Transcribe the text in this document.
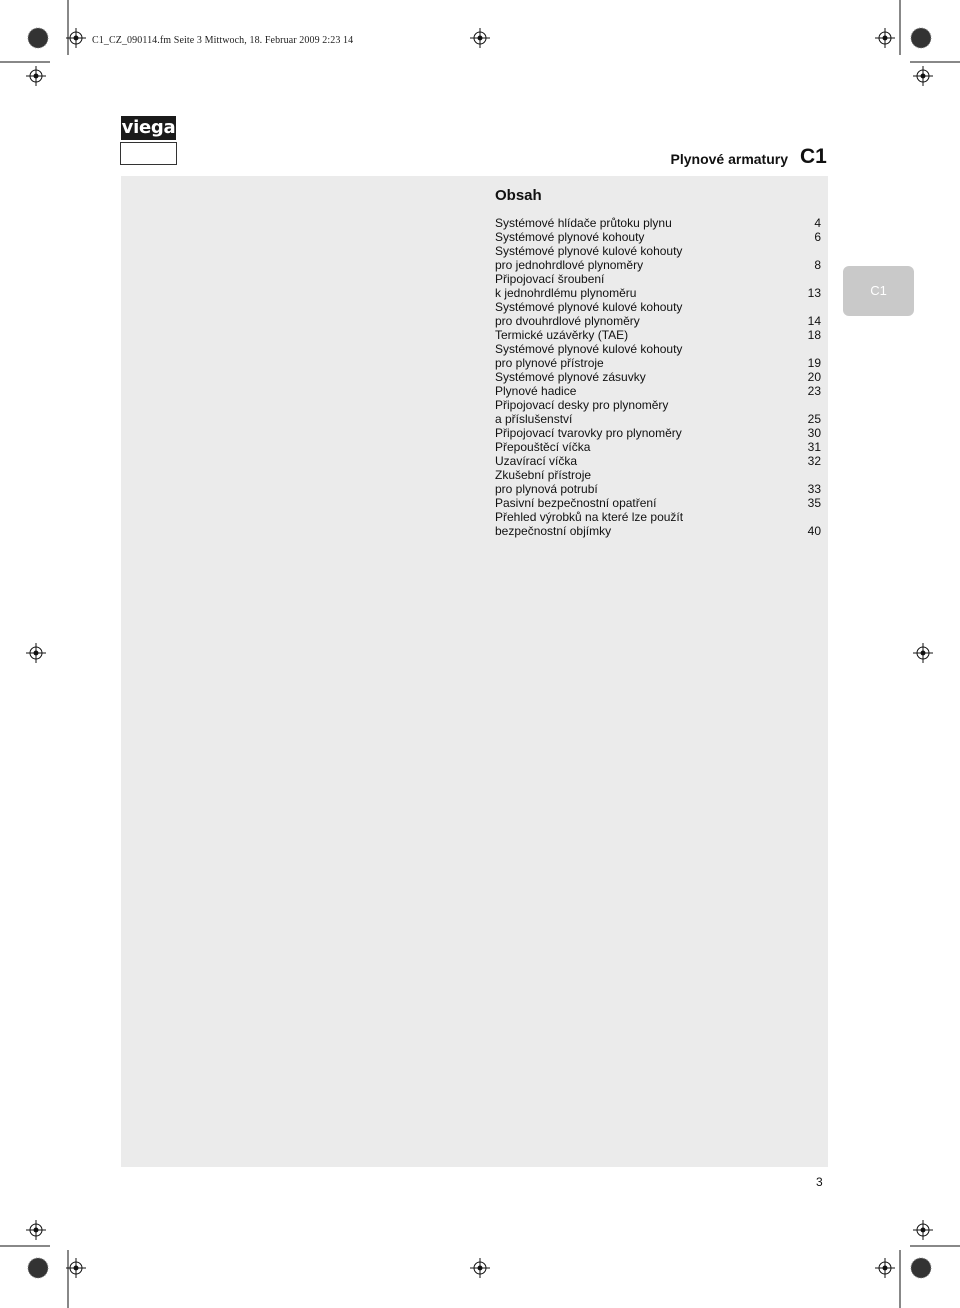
C1_CZ_090114.fm Seite 3 Mittwoch, 18. Februar 2009 2:23 14
viega
Plynové armatury C1
Obsah
Systémové hlídače průtoku plynu	4
Systémové plynové kohouty	6
Systémové plynové kulové kohouty
pro jednohrdlové plynoměry	8
Připojovací šroubení
k jednohrdlému plynoměru	13
Systémové plynové kulové kohouty
pro dvouhrdlové plynoměry	14
Termické uzávěrky (TAE)	18
Systémové plynové kulové kohouty
pro plynové přístroje	19
Systémové plynové zásuvky	20
Plynové hadice	23
Připojovací desky pro plynoměry
a příslušenství	25
Připojovací tvarovky pro plynoměry	30
Přepouštěcí víčka	31
Uzavírací víčka	32
Zkušební přístroje
pro plynová potrubí	33
Pasivní bezpečnostní opatření	35
Přehled výrobků na které lze použít
bezpečnostní objímky	40
C1
3
